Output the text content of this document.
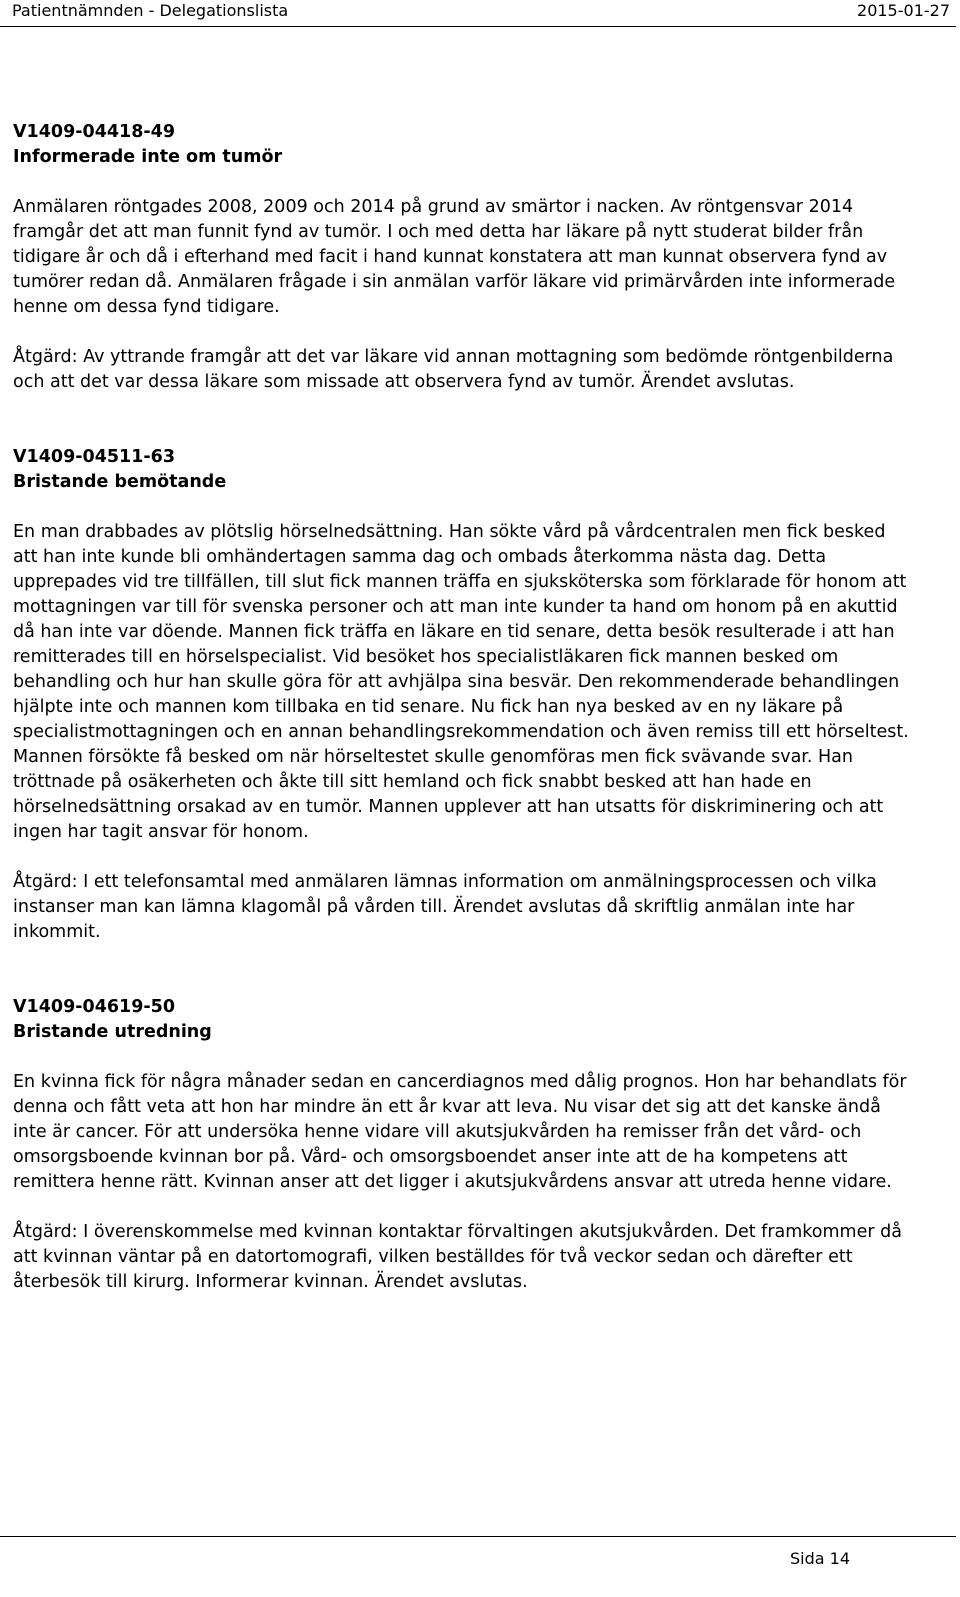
Patientnämnden - Delegationslista	2015-01-27
V1409-04418-49
Informerade inte om tumör

Anmälaren röntgades 2008, 2009 och 2014 på grund av smärtor i nacken. Av röntgensvar 2014 framgår det att man funnit fynd av tumör. I och med detta har läkare på nytt studerat bilder från tidigare år och då i efterhand med facit i hand kunnat konstatera att man kunnat observera fynd av tumörer redan då. Anmälaren frågade i sin anmälan varför läkare vid primärvården inte informerade henne om dessa fynd tidigare.

Åtgärd: Av yttrande framgår att det var läkare vid annan mottagning som bedömde röntgenbilderna och att det var dessa läkare som missade att observera fynd av tumör. Ärendet avslutas.

V1409-04511-63
Bristande bemötande

En man drabbades av plötslig hörselnedsättning. Han sökte vård på vårdcentralen men fick besked att han inte kunde bli omhändertagen samma dag och ombads återkomma nästa dag. Detta upprepades vid tre tillfällen, till slut fick mannen träffa en sjuksköterska som förklarade för honom att mottagningen var till för svenska personer och att man inte kunder ta hand om honom på en akuttid då han inte var döende. Mannen fick träffa en läkare en tid senare, detta besök resulterade i att han remitterades till en hörselspecialist. Vid besöket hos specialistläkaren fick mannen besked om behandling och hur han skulle göra för att avhjälpa sina besvär. Den rekommenderade behandlingen hjälpte inte och mannen kom tillbaka en tid senare. Nu fick han nya besked av en ny läkare på specialistmottagningen och en annan behandlingsrekommendation och även remiss till ett hörseltest. Mannen försökte få besked om när hörseltestet skulle genomföras men fick svävande svar. Han tröttnade på osäkerheten och åkte till sitt hemland och fick snabbt besked att han hade en hörselnedsättning orsakad av en tumör. Mannen upplever att han utsatts för diskriminering och att ingen har tagit ansvar för honom.

Åtgärd: I ett telefonsamtal med anmälaren lämnas information om anmälningsprocessen och vilka instanser man kan lämna klagomål på vården till. Ärendet avslutas då skriftlig anmälan inte har inkommit.

V1409-04619-50
Bristande utredning

En kvinna fick för några månader sedan en cancerdiagnos med dålig prognos. Hon har behandlats för denna och fått veta att hon har mindre än ett år kvar att leva. Nu visar det sig att det kanske ändå inte är cancer. För att undersöka henne vidare vill akutsjukvården ha remisser från det vård- och omsorgsboende kvinnan bor på. Vård- och omsorgsboendet anser inte att de ha kompetens att remittera henne rätt. Kvinnan anser att det ligger i akutsjukvårdens ansvar att utreda henne vidare.

Åtgärd: I överenskommelse med kvinnan kontaktar förvaltingen akutsjukvården. Det framkommer då att kvinnan väntar på en datortomografi, vilken beställdes för två veckor sedan och därefter ett återbesök till kirurg. Informerar kvinnan. Ärendet avslutas.

Sida 14
